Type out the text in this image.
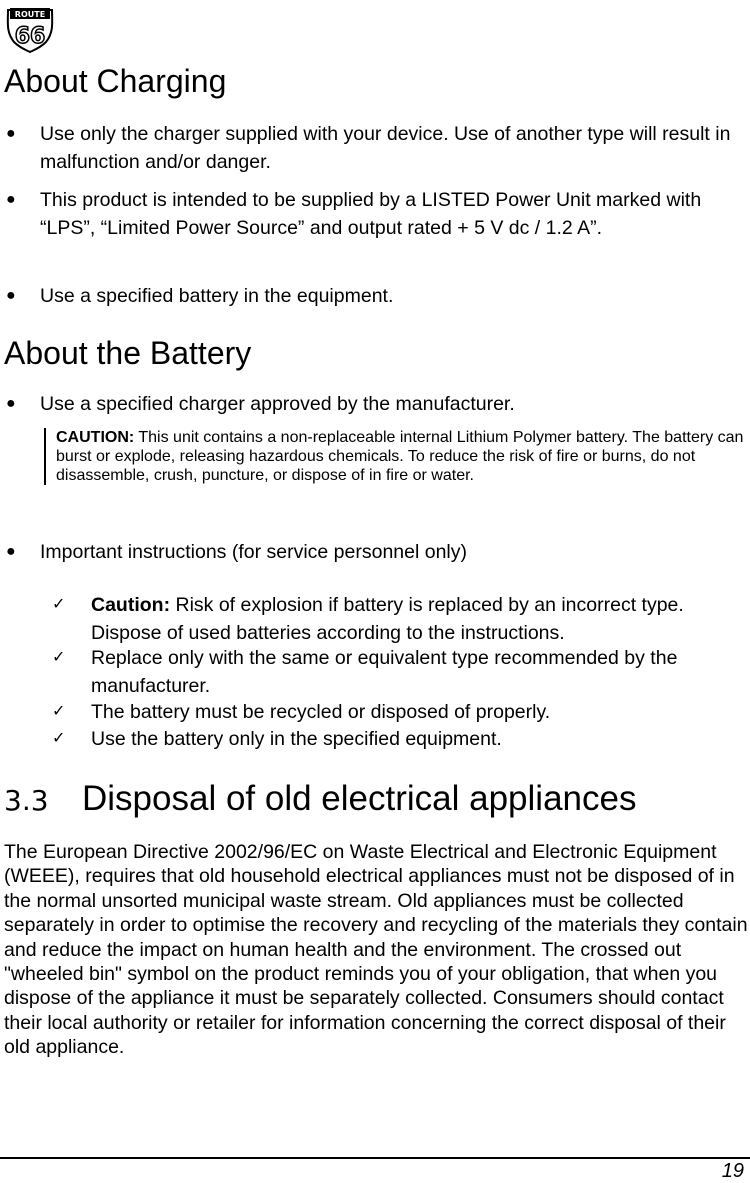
ROUTE
66
About Charging
● Use only the charger supplied with your device. Use of another type will result in malfunction and/or danger.
● This product is intended to be supplied by a LISTED Power Unit marked with “LPS”, “Limited Power Source” and output rated + 5 V dc / 1.2 A”.
● Use a specified battery in the equipment.
About the Battery
● Use a specified charger approved by the manufacturer.
CAUTION: This unit contains a non-replaceable internal Lithium Polymer battery. The battery can burst or explode, releasing hazardous chemicals. To reduce the risk of fire or burns, do not disassemble, crush, puncture, or dispose of in fire or water.
● Important instructions (for service personnel only)
✓ Caution: Risk of explosion if battery is replaced by an incorrect type. Dispose of used batteries according to the instructions.
✓ Replace only with the same or equivalent type recommended by the manufacturer.
✓ The battery must be recycled or disposed of properly.
✓ Use the battery only in the specified equipment.
3.3 Disposal of old electrical appliances
The European Directive 2002/96/EC on Waste Electrical and Electronic Equipment (WEEE), requires that old household electrical appliances must not be disposed of in the normal unsorted municipal waste stream. Old appliances must be collected separately in order to optimise the recovery and recycling of the materials they contain and reduce the impact on human health and the environment. The crossed out "wheeled bin" symbol on the product reminds you of your obligation, that when you dispose of the appliance it must be separately collected. Consumers should contact their local authority or retailer for information concerning the correct disposal of their old appliance.
19
